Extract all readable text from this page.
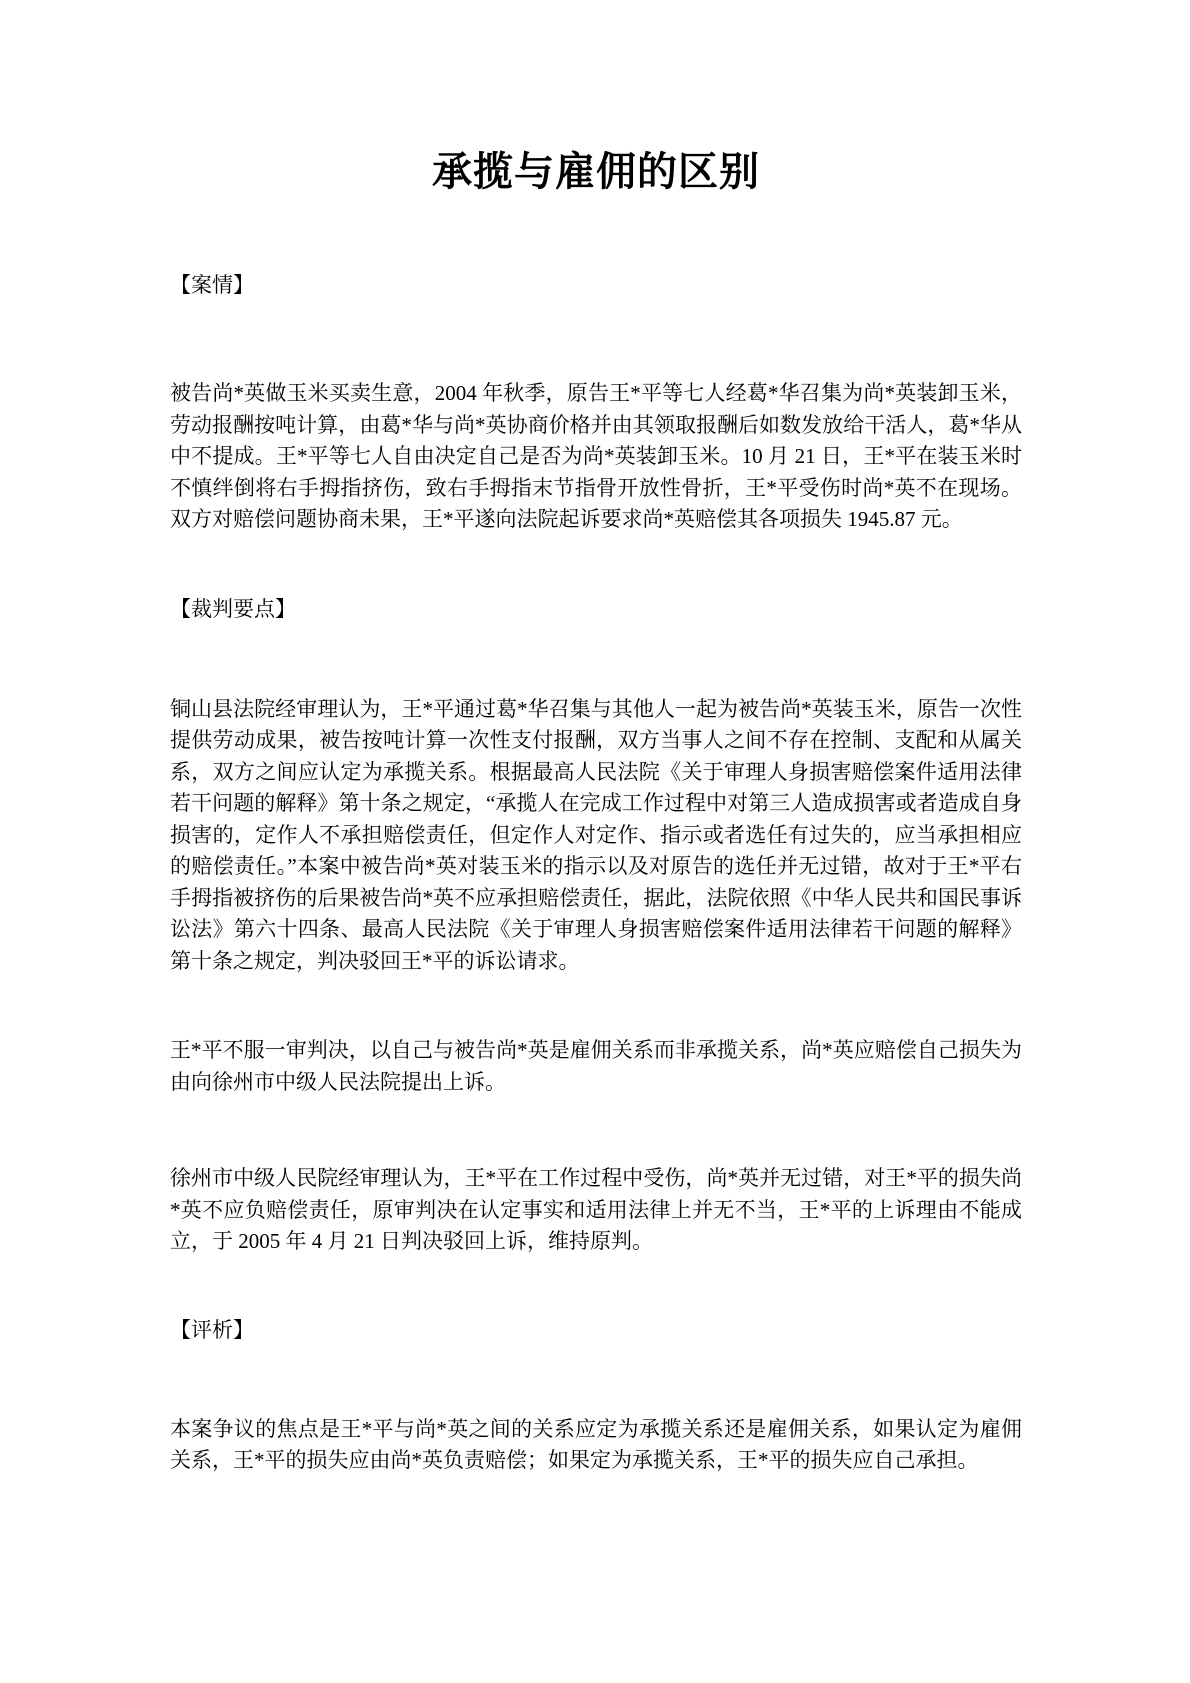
承揽与雇佣的区别
【案情】

被告尚*英做玉米买卖生意，2004 年秋季，原告王*平等七人经葛*华召集为尚*英装卸玉米，劳动报酬按吨计算，由葛*华与尚*英协商价格并由其领取报酬后如数发放给干活人，葛*华从中不提成。王*平等七人自由决定自己是否为尚*英装卸玉米。10 月 21 日，王*平在装玉米时不慎绊倒将右手拇指挤伤，致右手拇指末节指骨开放性骨折，王*平受伤时尚*英不在现场。双方对赔偿问题协商未果，王*平遂向法院起诉要求尚*英赔偿其各项损失 1945.87 元。

【裁判要点】

铜山县法院经审理认为，王*平通过葛*华召集与其他人一起为被告尚*英装玉米，原告一次性提供劳动成果，被告按吨计算一次性支付报酬，双方当事人之间不存在控制、支配和从属关系，双方之间应认定为承揽关系。根据最高人民法院《关于审理人身损害赔偿案件适用法律若干问题的解释》第十条之规定，“承揽人在完成工作过程中对第三人造成损害或者造成自身损害的，定作人不承担赔偿责任，但定作人对定作、指示或者选任有过失的，应当承担相应的赔偿责任。”本案中被告尚*英对装玉米的指示以及对原告的选任并无过错，故对于王*平右手拇指被挤伤的后果被告尚*英不应承担赔偿责任，据此，法院依照《中华人民共和国民事诉讼法》第六十四条、最高人民法院《关于审理人身损害赔偿案件适用法律若干问题的解释》第十条之规定，判决驳回王*平的诉讼请求。

王*平不服一审判决，以自己与被告尚*英是雇佣关系而非承揽关系，尚*英应赔偿自己损失为由向徐州市中级人民法院提出上诉。

徐州市中级人民院经审理认为，王*平在工作过程中受伤，尚*英并无过错，对王*平的损失尚*英不应负赔偿责任，原审判决在认定事实和适用法律上并无不当，王*平的上诉理由不能成立，于 2005 年 4 月 21 日判决驳回上诉，维持原判。

【评析】

本案争议的焦点是王*平与尚*英之间的关系应定为承揽关系还是雇佣关系，如果认定为雇佣关系，王*平的损失应由尚*英负责赔偿；如果定为承揽关系，王*平的损失应自己承担。
